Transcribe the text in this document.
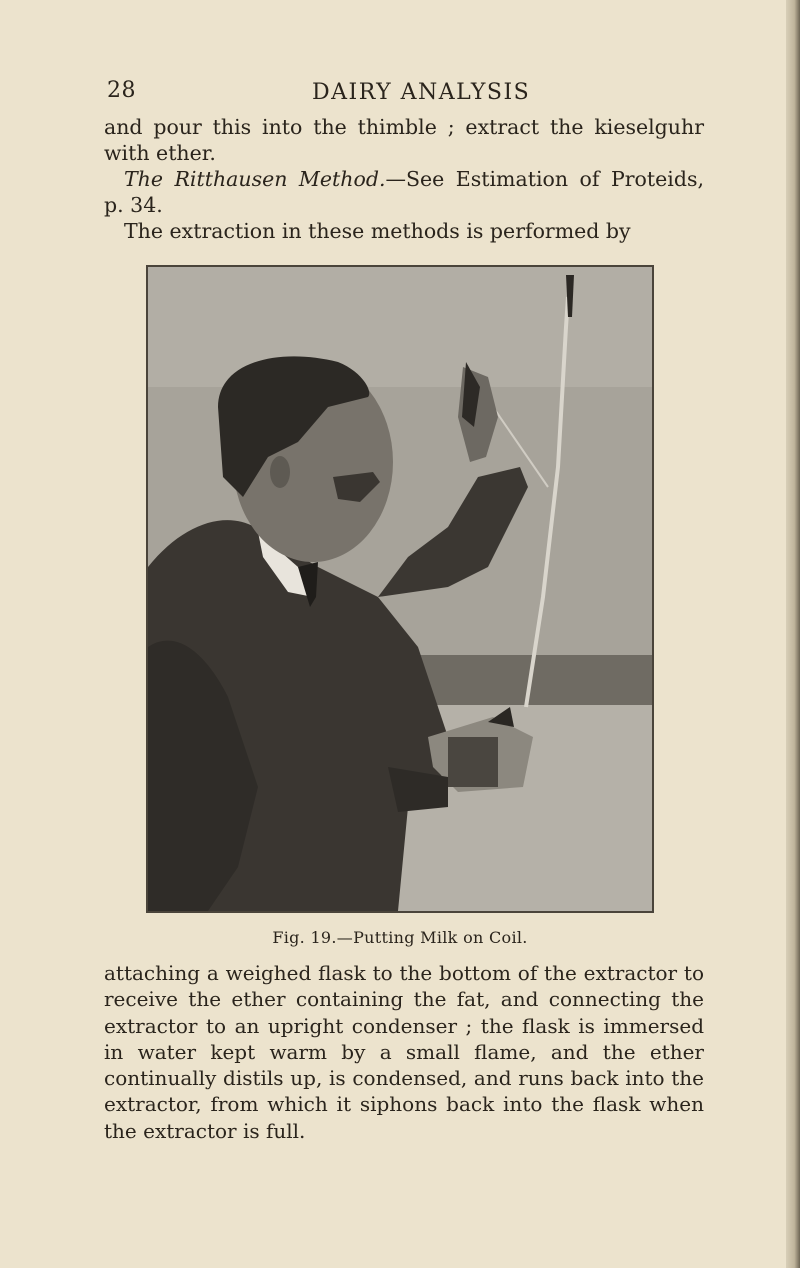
28	DAIRY ANALYSIS

and pour this into the thimble ; extract the kieselguhr with ether.

The Ritthausen Method.—See Estimation of Proteids, p. 34.

The extraction in these methods is performed by

Fig. 19.—Putting Milk on Coil.

attaching a weighed flask to the bottom of the extractor to receive the ether containing the fat, and connecting the extractor to an upright condenser ; the flask is immersed in water kept warm by a small flame, and the ether continually distils up, is condensed, and runs back into the extractor, from which it siphons back into the flask when the extractor is full.
